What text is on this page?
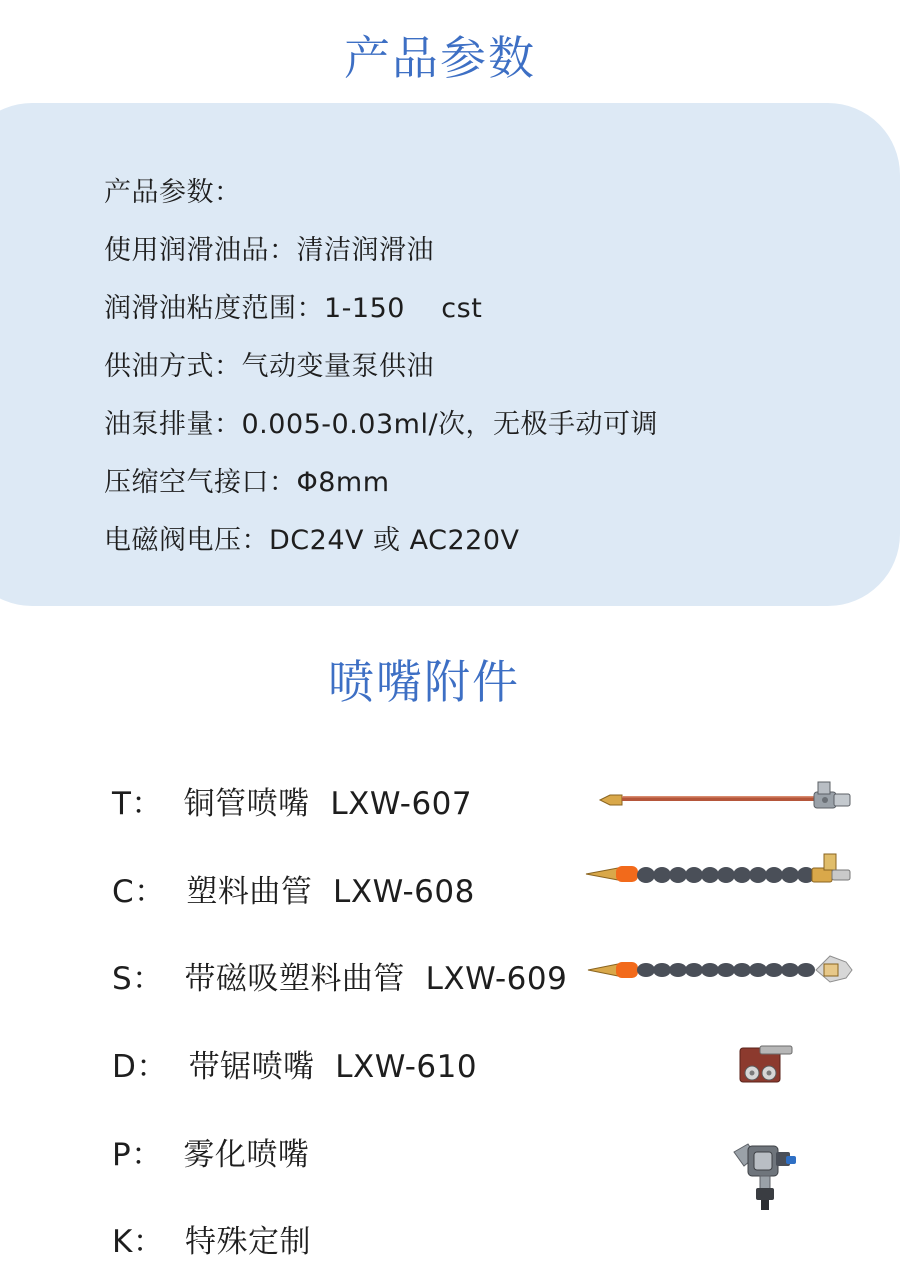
产品参数
产品参数：
使用润滑油品：清洁润滑油
润滑油粘度范围：1-150    cst
供油方式：气动变量泵供油
油泵排量：0.005-0.03ml/次，无极手动可调
压缩空气接口：Φ8mm
电磁阀电压：DC24V 或 AC220V
喷嘴附件
T：  铜管喷嘴  LXW-607
C：  塑料曲管  LXW-608
S：  带磁吸塑料曲管  LXW-609
D：  带锯喷嘴  LXW-610
P：  雾化喷嘴
K：  特殊定制
